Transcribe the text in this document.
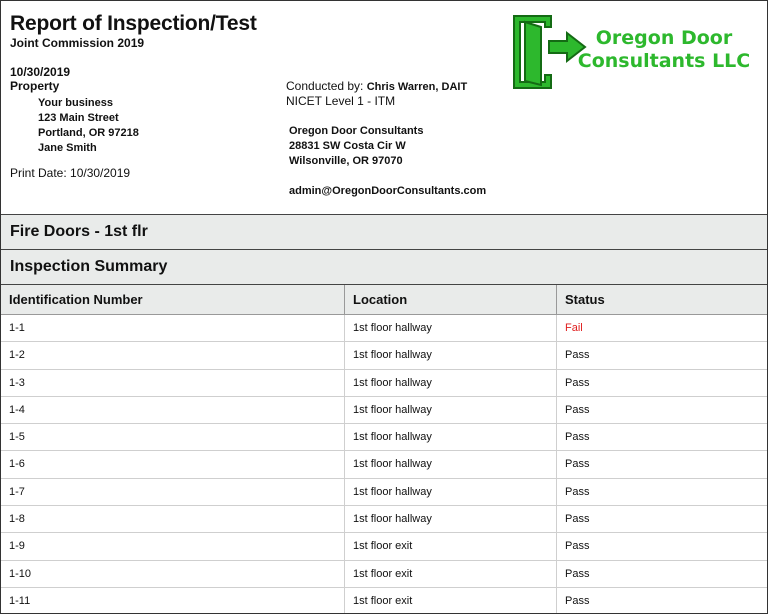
Report of Inspection/Test
Joint Commission 2019
10/30/2019
Property
Your business
123 Main Street
Portland, OR 97218
Jane Smith
Print Date: 10/30/2019
Conducted by: Chris Warren, DAIT
NICET Level 1 - ITM
Oregon Door Consultants
28831 SW Costa Cir W
Wilsonville, OR 97070
admin@OregonDoorConsultants.com
Oregon Door
Consultants LLC
Fire Doors - 1st flr
Inspection Summary
Identification Number	Location	Status
1-1	1st floor hallway	Fail
1-2	1st floor hallway	Pass
1-3	1st floor hallway	Pass
1-4	1st floor hallway	Pass
1-5	1st floor hallway	Pass
1-6	1st floor hallway	Pass
1-7	1st floor hallway	Pass
1-8	1st floor hallway	Pass
1-9	1st floor exit	Pass
1-10	1st floor exit	Pass
1-11	1st floor exit	Pass
